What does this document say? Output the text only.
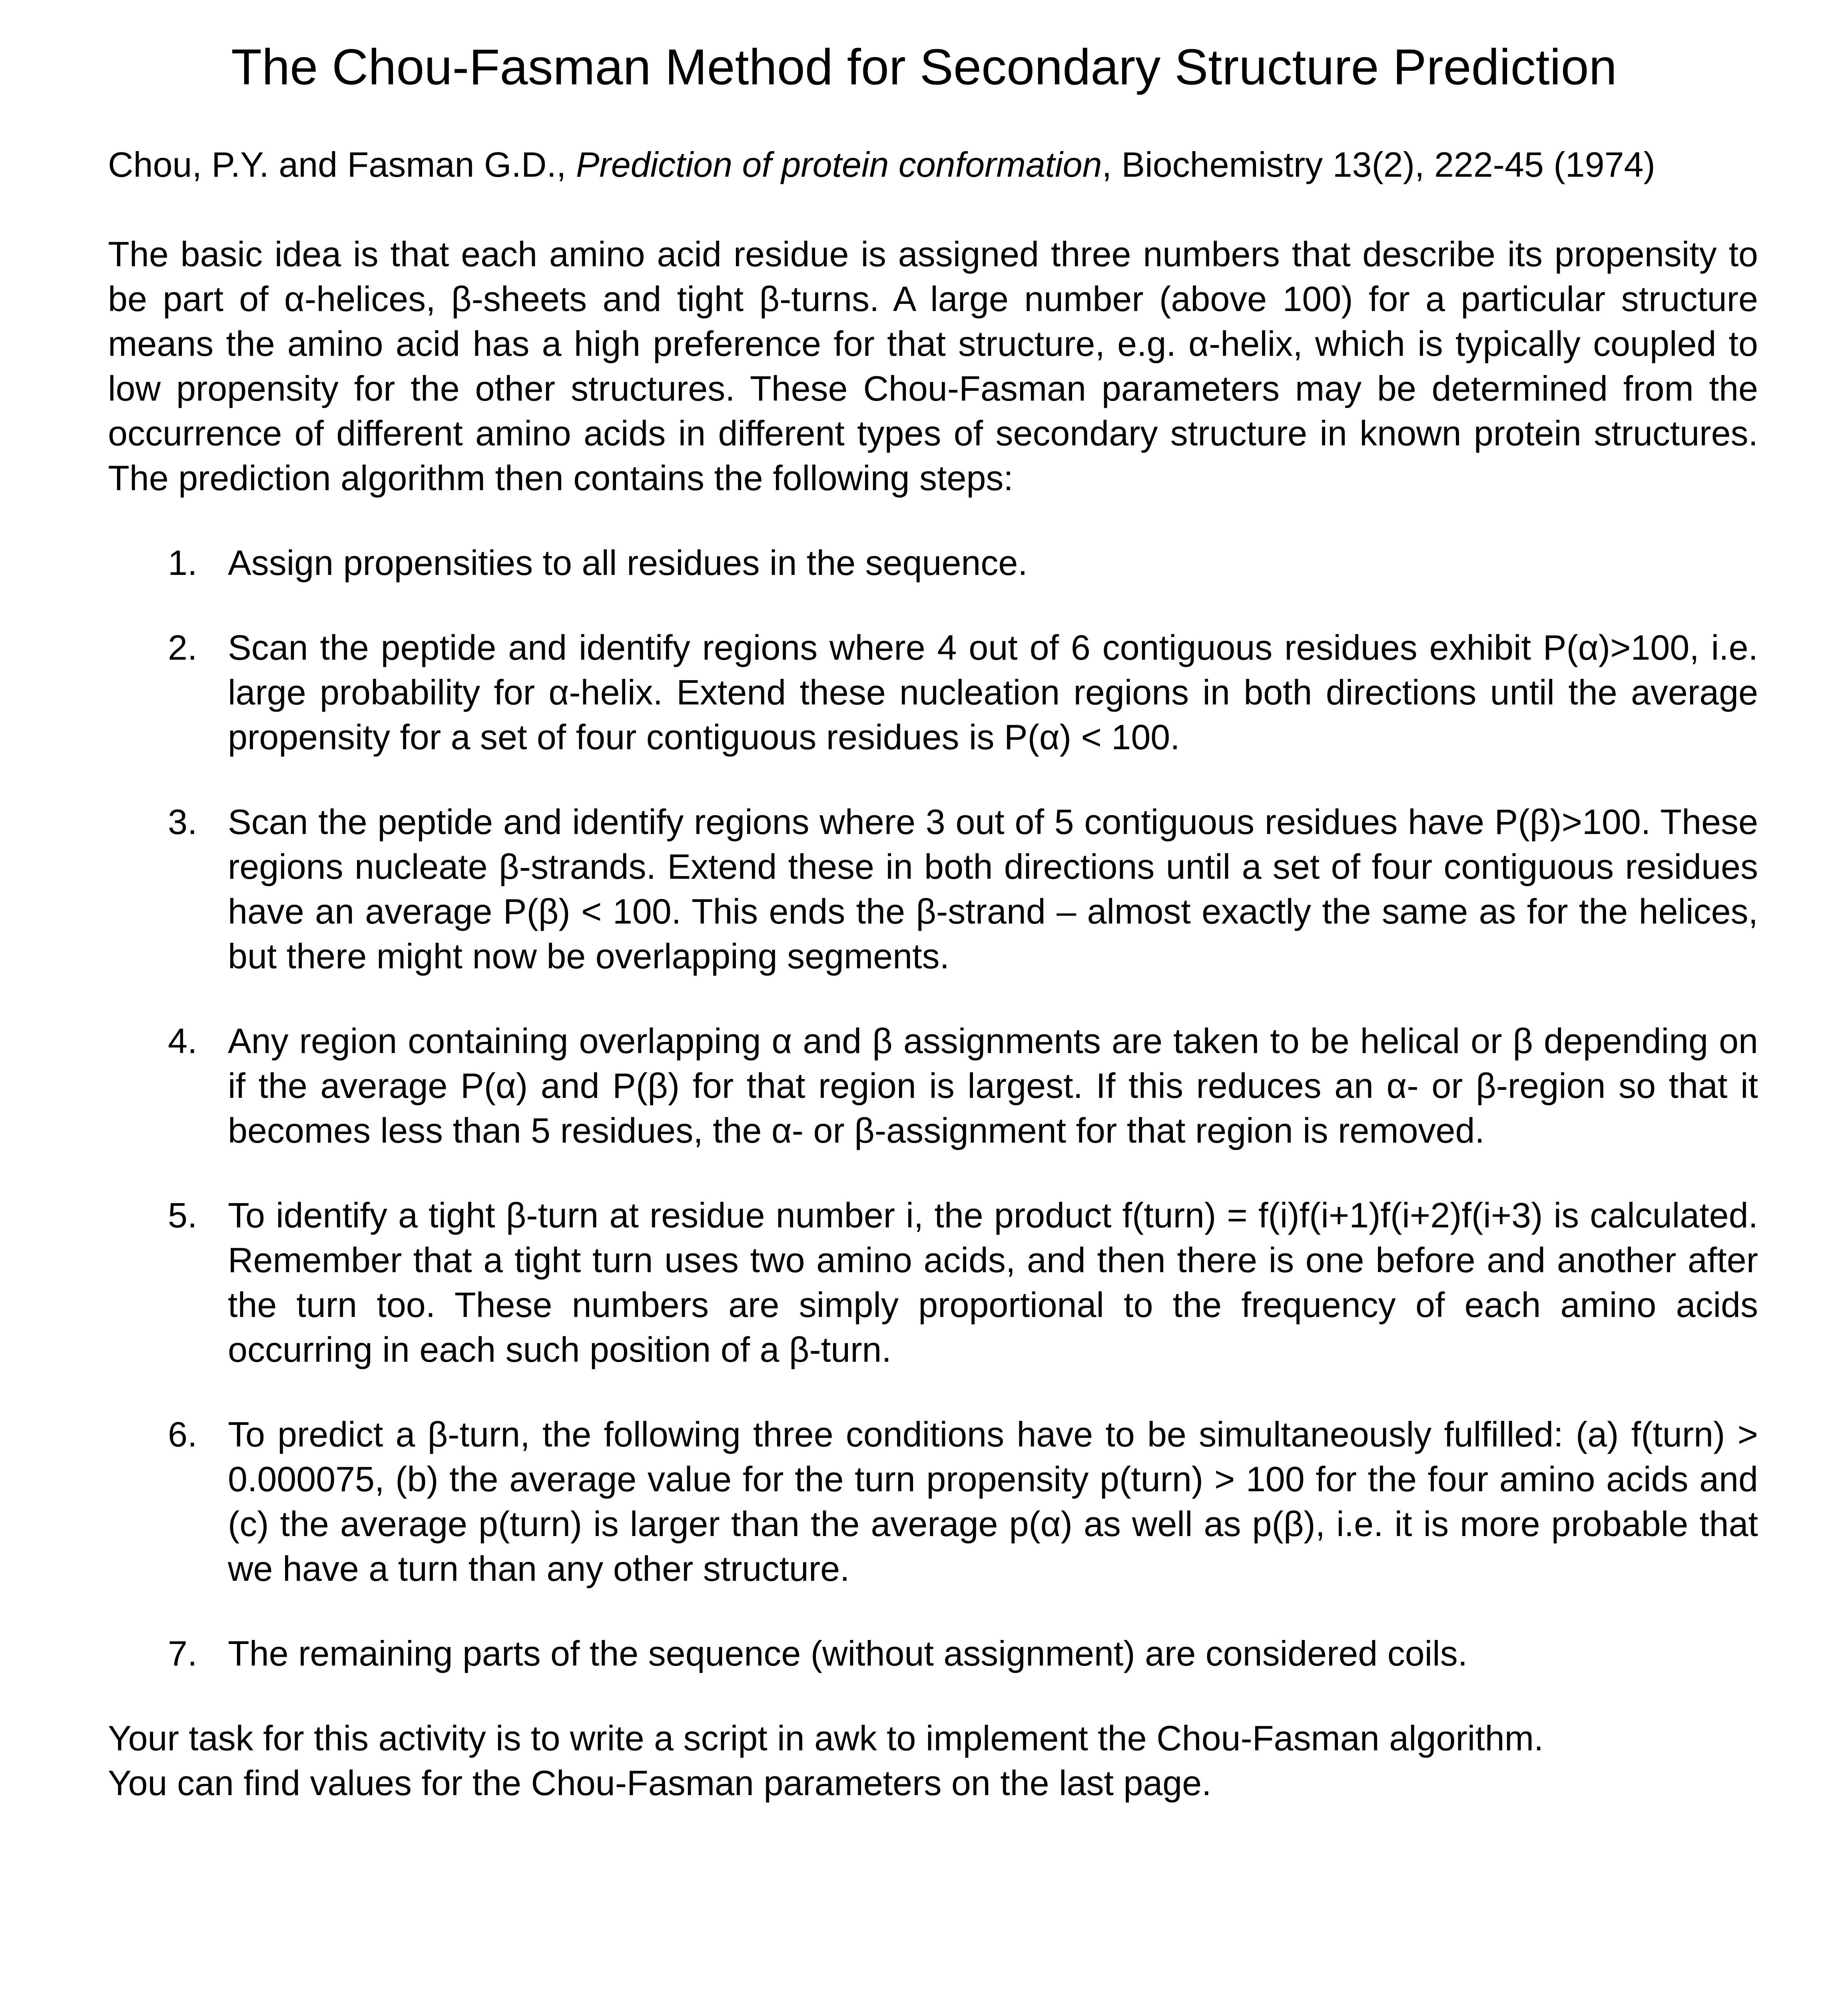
The Chou-Fasman Method for Secondary Structure Prediction
Chou, P.Y. and Fasman G.D., Prediction of protein conformation, Biochemistry 13(2), 222-45 (1974)
The basic idea is that each amino acid residue is assigned three numbers that describe its propensity to be part of α-helices, β-sheets and tight β-turns. A large number (above 100) for a particular structure means the amino acid has a high preference for that structure, e.g. α-helix, which is typically coupled to low propensity for the other structures. These Chou-Fasman parameters may be determined from the occurrence of different amino acids in different types of secondary structure in known protein structures. The prediction algorithm then contains the following steps:
1. Assign propensities to all residues in the sequence.
2. Scan the peptide and identify regions where 4 out of 6 contiguous residues exhibit P(α)>100, i.e. large probability for α-helix. Extend these nucleation regions in both directions until the average propensity for a set of four contiguous residues is P(α) < 100.
3. Scan the peptide and identify regions where 3 out of 5 contiguous residues have P(β)>100. These regions nucleate β-strands. Extend these in both directions until a set of four contiguous residues have an average P(β) < 100. This ends the β-strand – almost exactly the same as for the helices, but there might now be overlapping segments.
4. Any region containing overlapping α and β assignments are taken to be helical or β depending on if the average P(α) and P(β) for that region is largest. If this reduces an α- or β-region so that it becomes less than 5 residues, the α- or β-assignment for that region is removed.
5. To identify a tight β-turn at residue number i, the product f(turn) = f(i)f(i+1)f(i+2)f(i+3) is calculated. Remember that a tight turn uses two amino acids, and then there is one before and another after the turn too. These numbers are simply proportional to the frequency of each amino acids occurring in each such position of a β-turn.
6. To predict a β-turn, the following three conditions have to be simultaneously fulfilled: (a) f(turn) > 0.000075, (b) the average value for the turn propensity p(turn) > 100 for the four amino acids and (c) the average p(turn) is larger than the average p(α) as well as p(β), i.e. it is more probable that we have a turn than any other structure.
7. The remaining parts of the sequence (without assignment) are considered coils.
Your task for this activity is to write a script in awk to implement the Chou-Fasman algorithm.
You can find values for the Chou-Fasman parameters on the last page.
